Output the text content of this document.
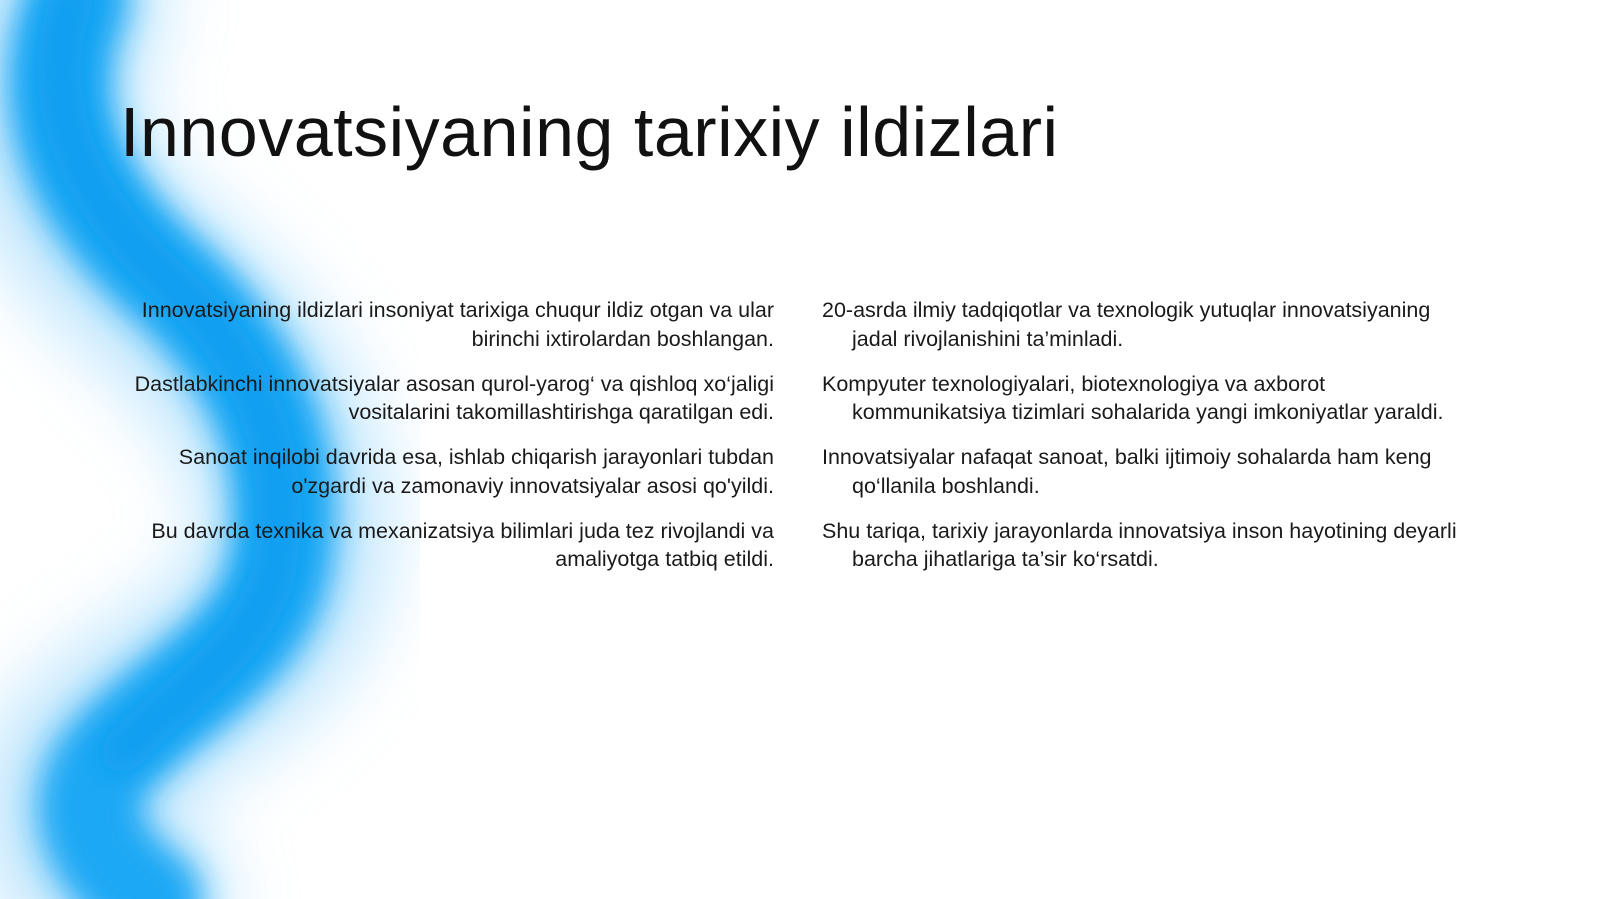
Innovatsiyaning tarixiy ildizlari

Innovatsiyaning ildizlari insoniyat tarixiga chuqur ildiz otgan va ular birinchi ixtirolardan boshlangan.

Dastlabkinchi innovatsiyalar asosan qurol-yarog‘ va qishloq xo‘jaligi vositalarini takomillashtirishga qaratilgan edi.

Sanoat inqilobi davrida esa, ishlab chiqarish jarayonlari tubdan o'zgardi va zamonaviy innovatsiyalar asosi qo'yildi.

Bu davrda texnika va mexanizatsiya bilimlari juda tez rivojlandi va amaliyotga tatbiq etildi.

20-asrda ilmiy tadqiqotlar va texnologik yutuqlar innovatsiyaning jadal rivojlanishini ta’minladi.

Kompyuter texnologiyalari, biotexnologiya va axborot kommunikatsiya tizimlari sohalarida yangi imkoniyatlar yaraldi.

Innovatsiyalar nafaqat sanoat, balki ijtimoiy sohalarda ham keng qo‘llanila boshlandi.

Shu tariqa, tarixiy jarayonlarda innovatsiya inson hayotining deyarli barcha jihatlariga ta’sir ko‘rsatdi.
